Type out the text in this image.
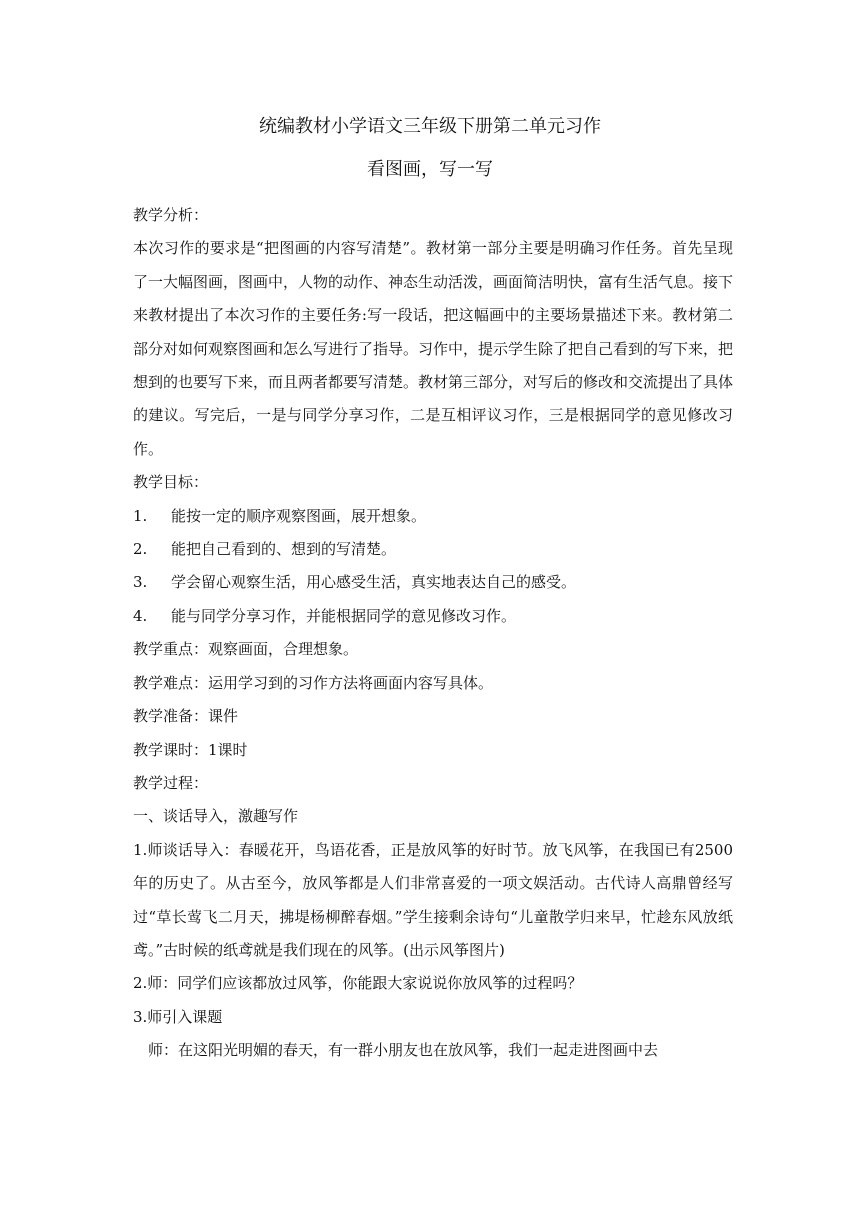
统编教材小学语文三年级下册第二单元习作
看图画，写一写

教学分析：

本次习作的要求是“把图画的内容写清楚”。教材第一部分主要是明确习作任务。首先呈现了一大幅图画，图画中，人物的动作、神态生动活泼，画面简洁明快，富有生活气息。接下来教材提出了本次习作的主要任务:写一段话，把这幅画中的主要场景描述下来。教材第二部分对如何观察图画和怎么写进行了指导。习作中，提示学生除了把自己看到的写下来，把想到的也要写下来，而且两者都要写清楚。教材第三部分，对写后的修改和交流提出了具体的建议。写完后，一是与同学分享习作，二是互相评议习作，三是根据同学的意见修改习作。

教学目标：

1. 能按一定的顺序观察图画，展开想象。

2. 能把自己看到的、想到的写清楚。

3. 学会留心观察生活，用心感受生活，真实地表达自己的感受。

4. 能与同学分享习作，并能根据同学的意见修改习作。

教学重点：观察画面，合理想象。

教学难点：运用学习到的习作方法将画面内容写具体。

教学准备：课件

教学课时：1课时

教学过程：

一、谈话导入，激趣写作

1.师谈话导入：春暖花开，鸟语花香，正是放风筝的好时节。放飞风筝，在我国已有2500年的历史了。从古至今，放风筝都是人们非常喜爱的一项文娱活动。古代诗人高鼎曾经写过“草长莺飞二月天，拂堤杨柳醉春烟。”学生接剩余诗句“儿童散学归来早，忙趁东风放纸鸢。”古时候的纸鸢就是我们现在的风筝。(出示风筝图片)

2.师：同学们应该都放过风筝，你能跟大家说说你放风筝的过程吗？

3.师引入课题

师：在这阳光明媚的春天，有一群小朋友也在放风筝，我们一起走进图画中去
